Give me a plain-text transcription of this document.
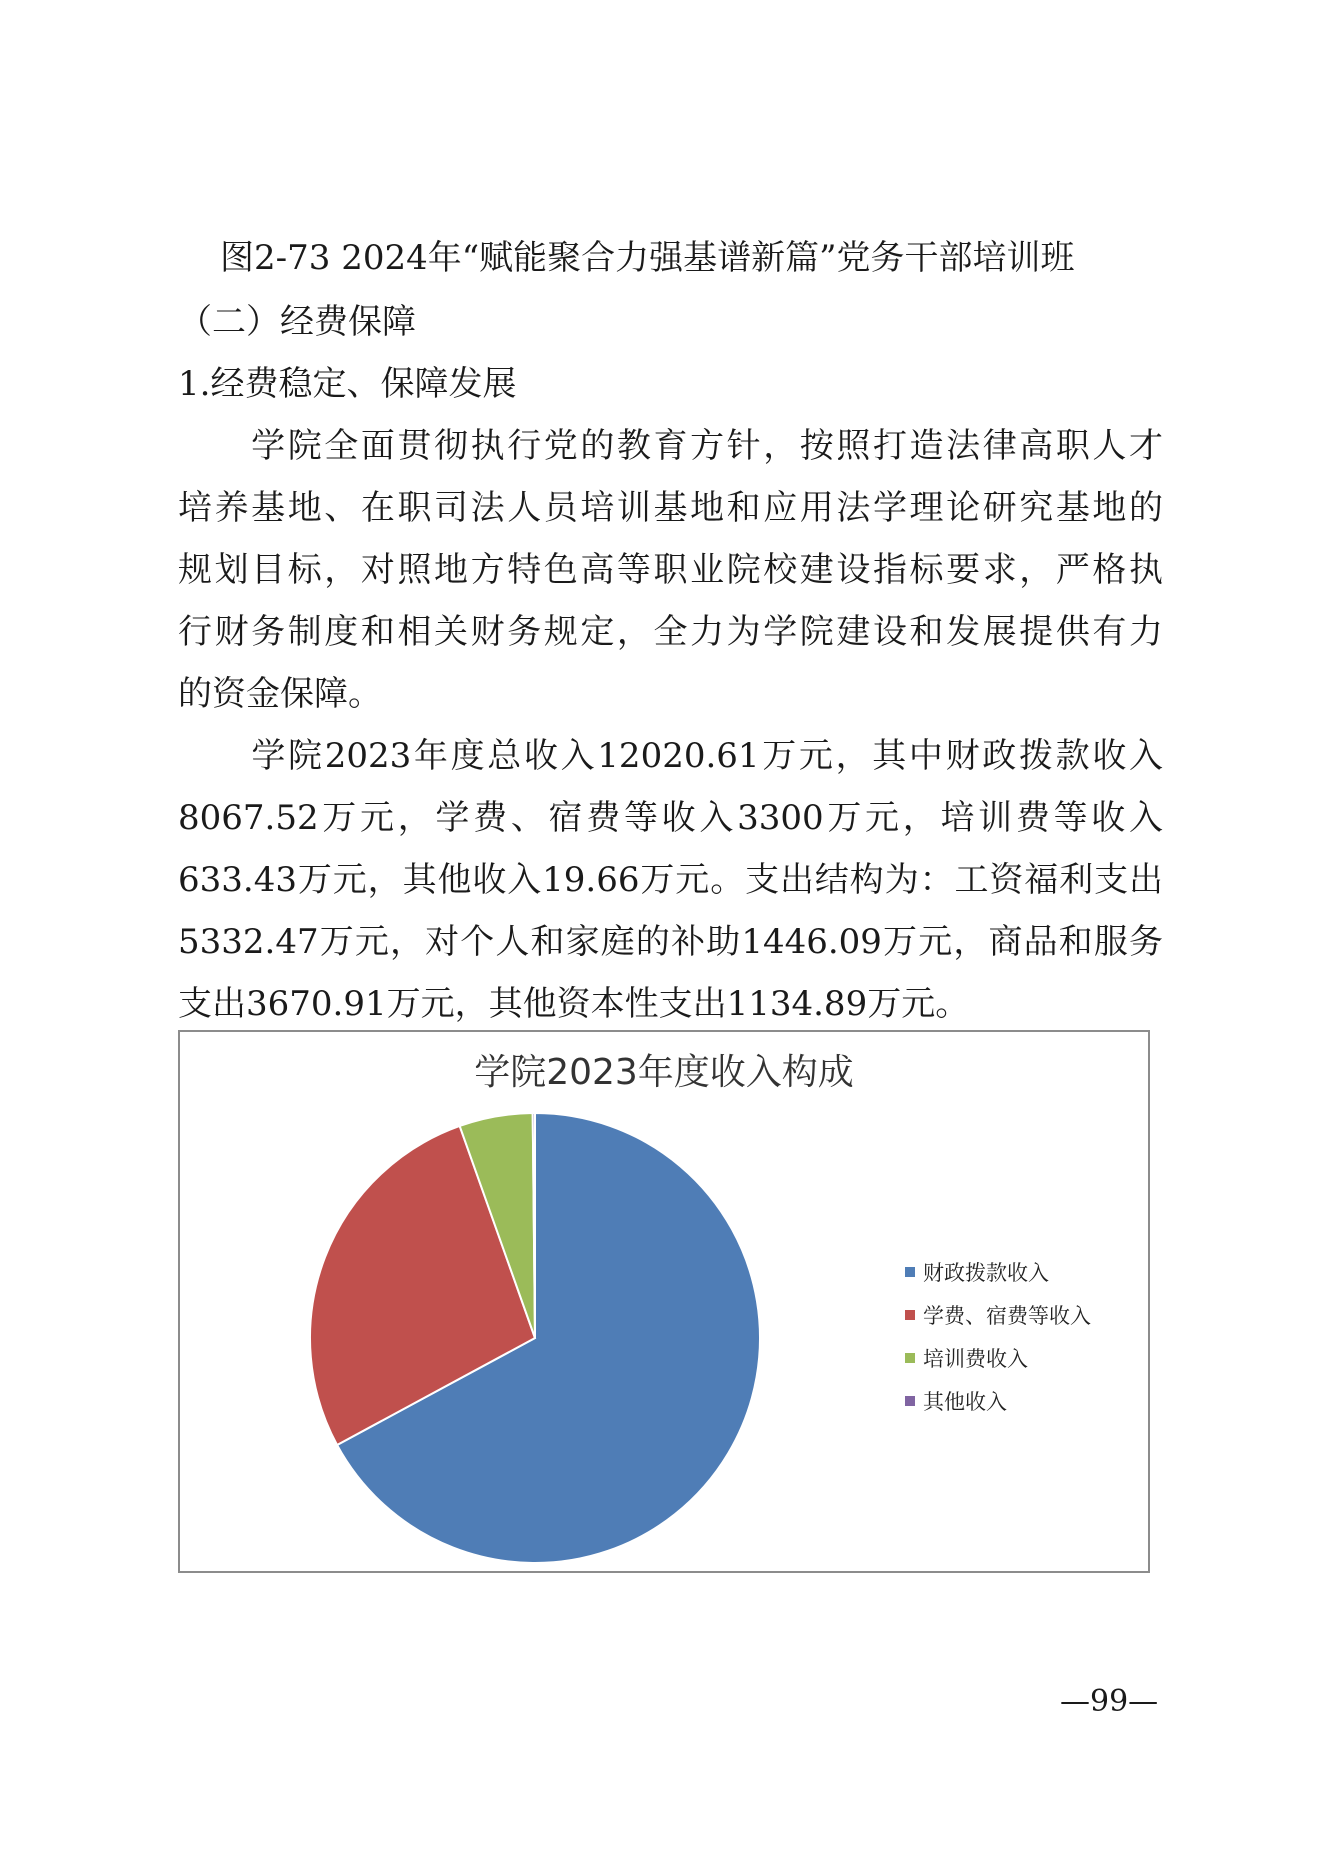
图2-73 2024年“赋能聚合力强基谱新篇”党务干部培训班
（二）经费保障
1.经费稳定、保障发展
　　学院全面贯彻执行党的教育方针，按照打造法律高职人才
培养基地、在职司法人员培训基地和应用法学理论研究基地的
规划目标，对照地方特色高等职业院校建设指标要求，严格执
行财务制度和相关财务规定，全力为学院建设和发展提供有力
的资金保障。
　　学院2023年度总收入12020.61万元，其中财政拨款收入
8067.52万元，学费、宿费等收入3300万元，培训费等收入
633.43万元，其他收入19.66万元。支出结构为：工资福利支出
5332.47万元，对个人和家庭的补助1446.09万元，商品和服务
支出3670.91万元，其他资本性支出1134.89万元。
学院2023年度收入构成
财政拨款收入
学费、宿费等收入
培训费收入
其他收入
—99—
